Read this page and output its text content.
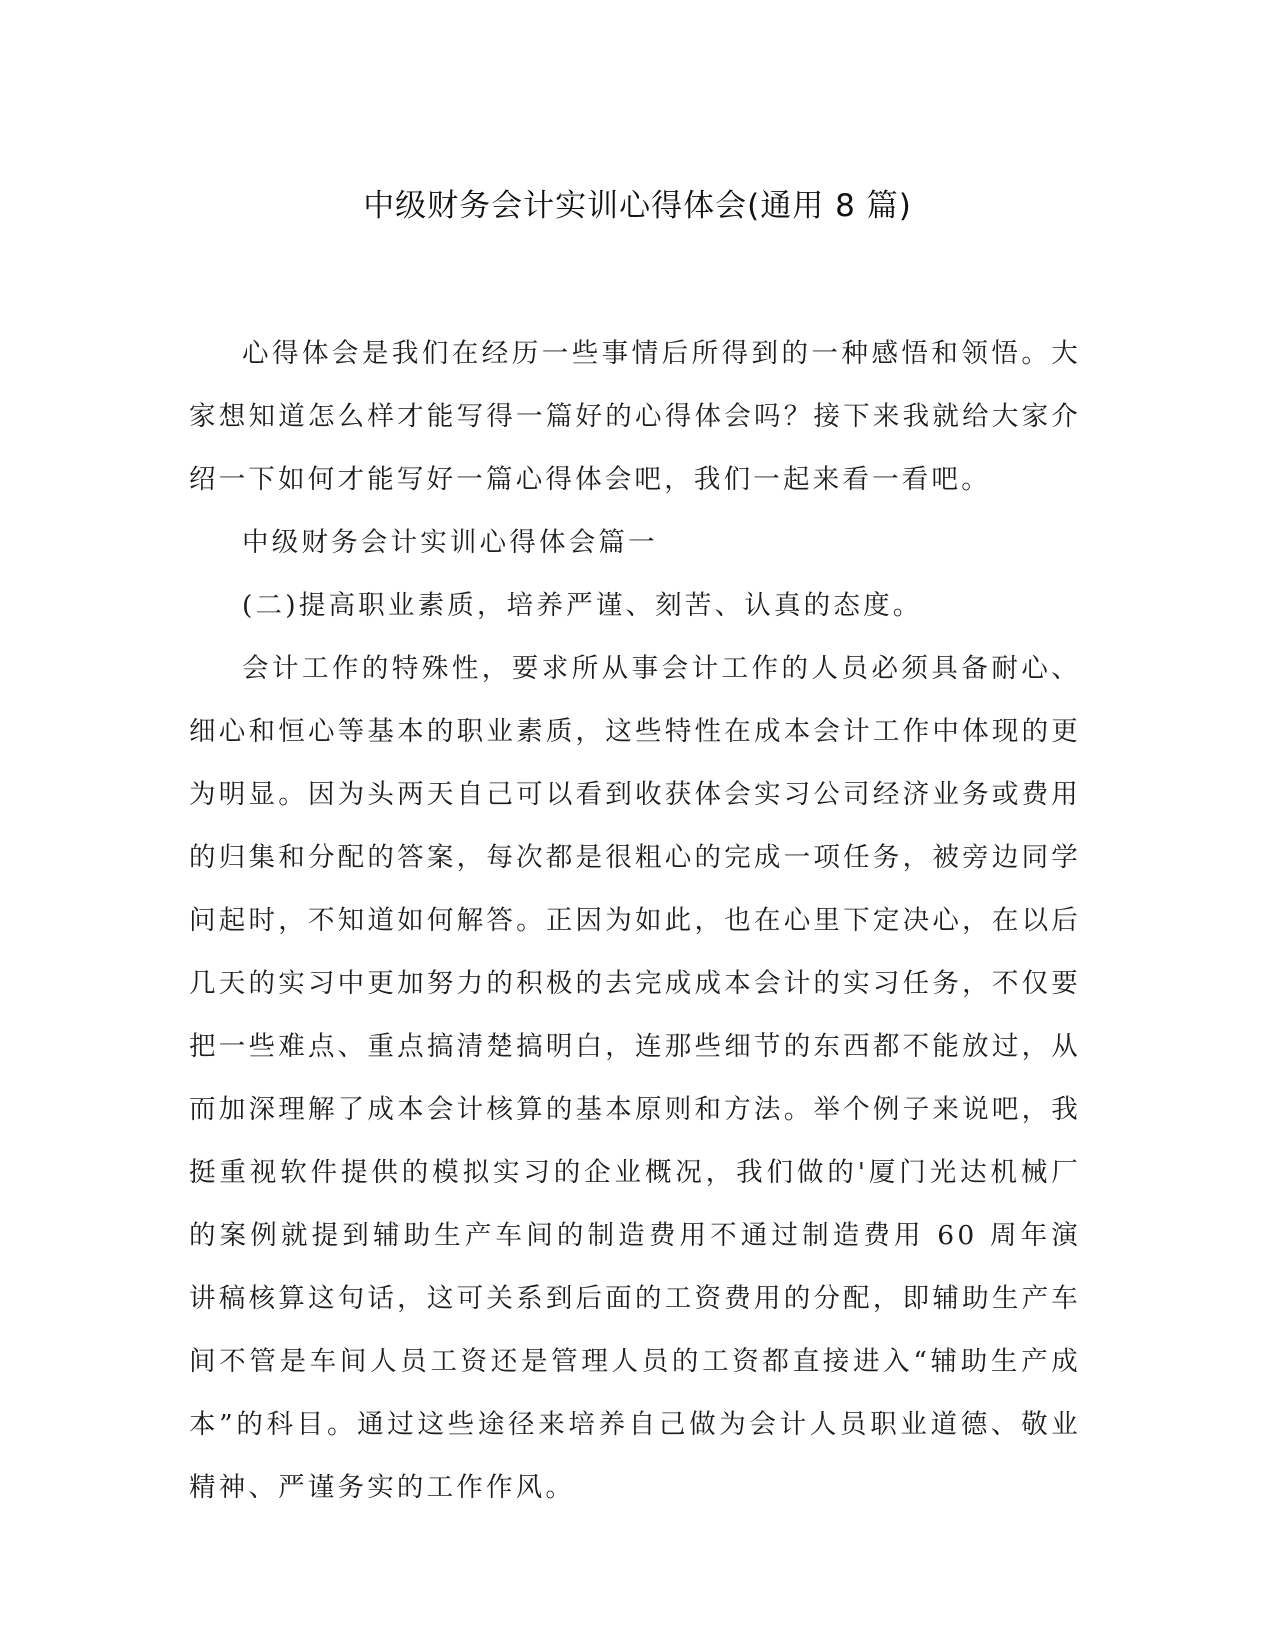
中级财务会计实训心得体会(通用 8 篇)

心得体会是我们在经历一些事情后所得到的一种感悟和领悟。大家想知道怎么样才能写得一篇好的心得体会吗？接下来我就给大家介绍一下如何才能写好一篇心得体会吧，我们一起来看一看吧。

中级财务会计实训心得体会篇一

(二)提高职业素质，培养严谨、刻苦、认真的态度。

会计工作的特殊性，要求所从事会计工作的人员必须具备耐心、细心和恒心等基本的职业素质，这些特性在成本会计工作中体现的更为明显。因为头两天自己可以看到收获体会实习公司经济业务或费用的归集和分配的答案，每次都是很粗心的完成一项任务，被旁边同学问起时，不知道如何解答。正因为如此，也在心里下定决心，在以后几天的实习中更加努力的积极的去完成成本会计的实习任务，不仅要把一些难点、重点搞清楚搞明白，连那些细节的东西都不能放过，从而加深理解了成本会计核算的基本原则和方法。举个例子来说吧，我挺重视软件提供的模拟实习的企业概况，我们做的'厦门光达机械厂的案例就提到辅助生产车间的制造费用不通过制造费用 60 周年演讲稿核算这句话，这可关系到后面的工资费用的分配，即辅助生产车间不管是车间人员工资还是管理人员的工资都直接进入“辅助生产成本”的科目。通过这些途径来培养自己做为会计人员职业道德、敬业精神、严谨务实的工作作风。
